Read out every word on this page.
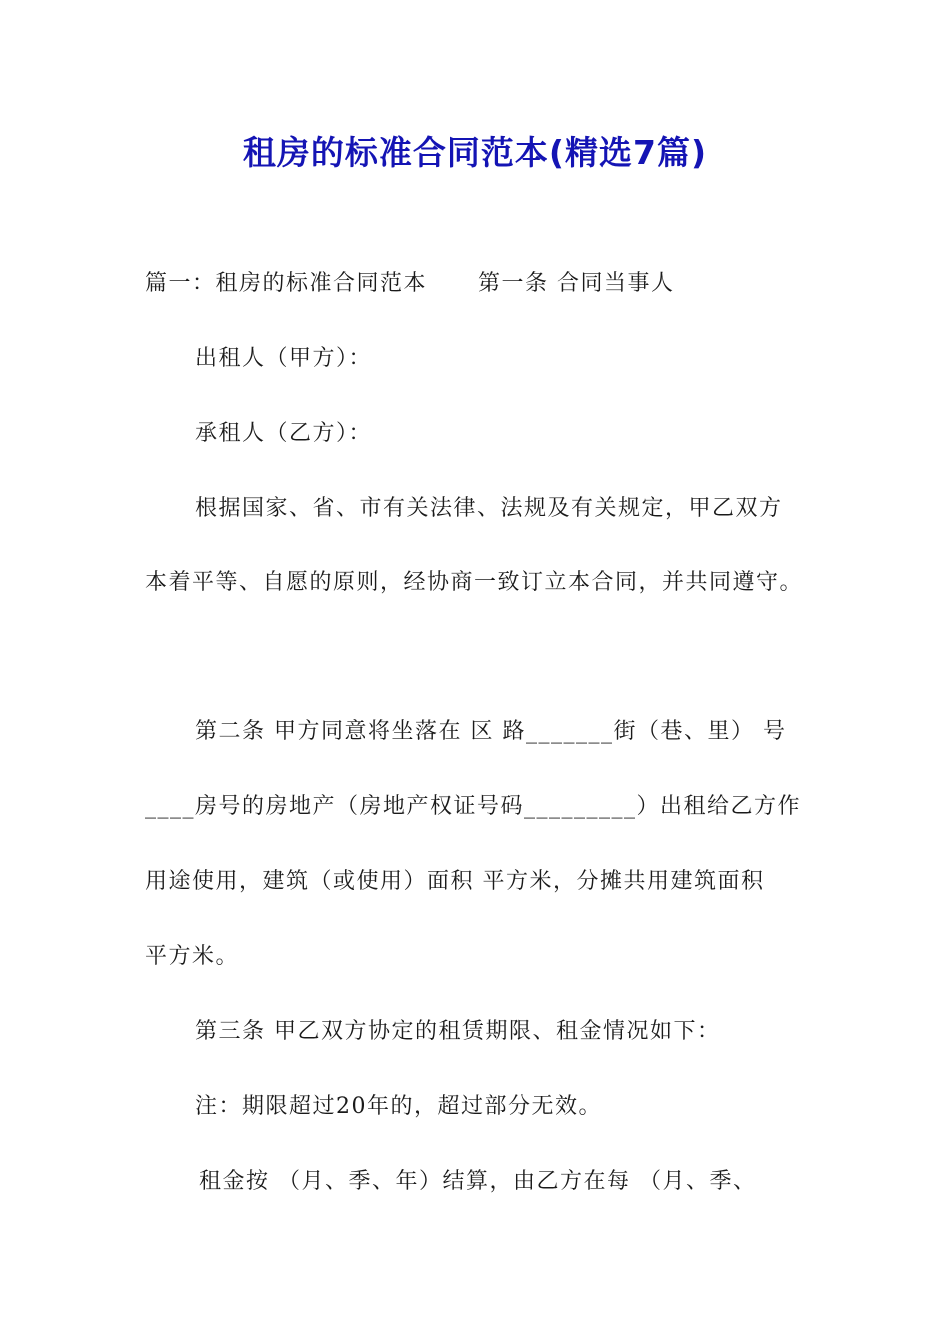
租房的标准合同范本(精选7篇)
篇一：租房的标准合同范本      第一条 合同当事人
出租人（甲方）：
承租人（乙方）：
根据国家、省、市有关法律、法规及有关规定，甲乙双方
本着平等、自愿的原则，经协商一致订立本合同，并共同遵守。
第二条 甲方同意将坐落在 区 路_______街（巷、里） 号
____房号的房地产（房地产权证号码_________）出租给乙方作
用途使用，建筑（或使用）面积 平方米，分摊共用建筑面积
平方米。
第三条 甲乙双方协定的租赁期限、租金情况如下：
注：期限超过20年的，超过部分无效。
租金按 （月、季、年）结算，由乙方在每 （月、季、
